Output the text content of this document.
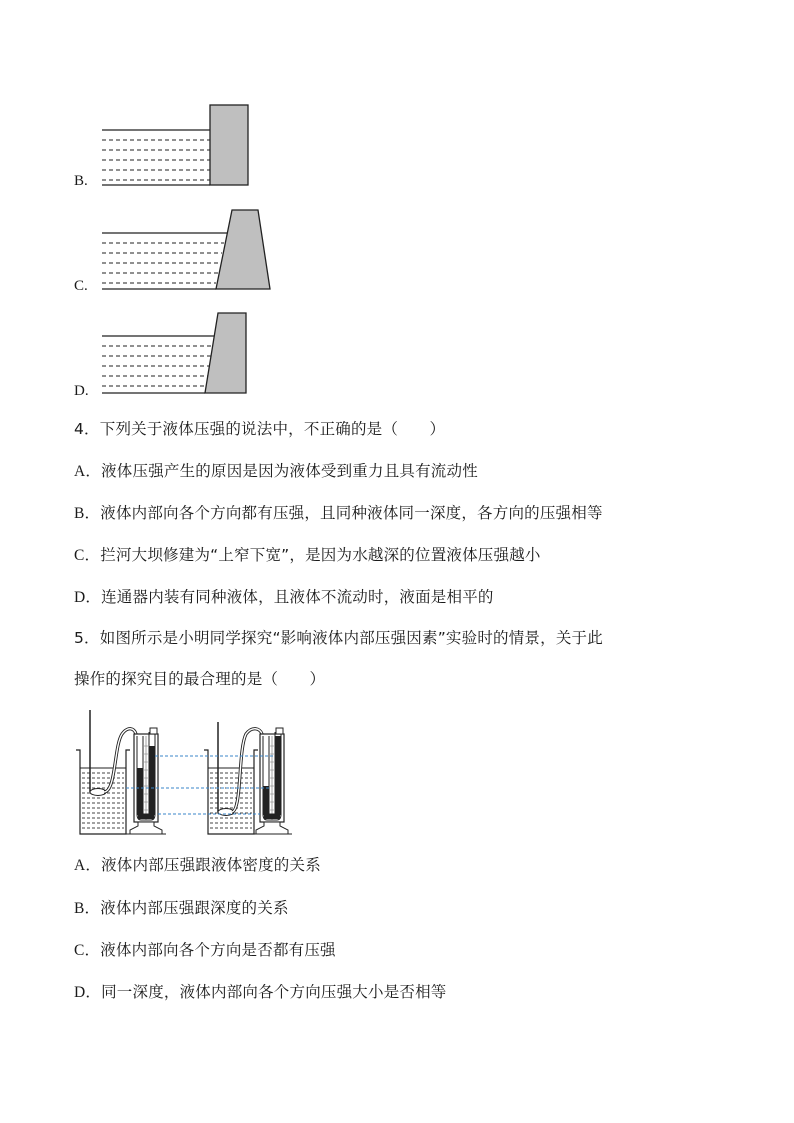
B.
C.
D.
4．下列关于液体压强的说法中，不正确的是（　　）
A．液体压强产生的原因是因为液体受到重力且具有流动性
B．液体内部向各个方向都有压强，且同种液体同一深度，各方向的压强相等
C．拦河大坝修建为“上窄下宽”，是因为水越深的位置液体压强越小
D．连通器内装有同种液体，且液体不流动时，液面是相平的
5．如图所示是小明同学探究“影响液体内部压强因素”实验时的情景，关于此
操作的探究目的最合理的是（　　）
A．液体内部压强跟液体密度的关系
B．液体内部压强跟深度的关系
C．液体内部向各个方向是否都有压强
D．同一深度，液体内部向各个方向压强大小是否相等
